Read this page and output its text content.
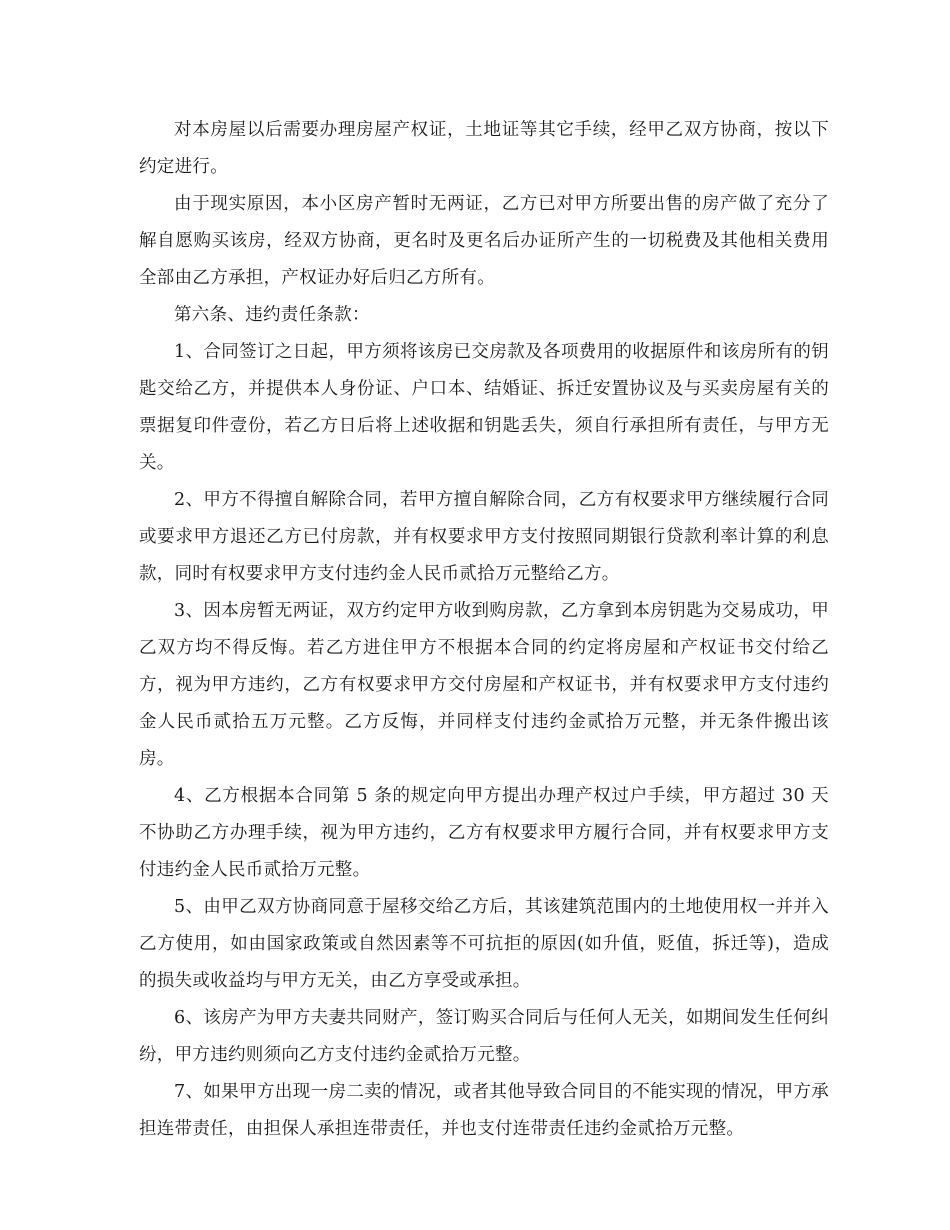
对本房屋以后需要办理房屋产权证，土地证等其它手续，经甲乙双方协商，按以下约定进行。

由于现实原因，本小区房产暂时无两证，乙方已对甲方所要出售的房产做了充分了解自愿购买该房，经双方协商，更名时及更名后办证所产生的一切税费及其他相关费用全部由乙方承担，产权证办好后归乙方所有。

第六条、违约责任条款：

1、合同签订之日起，甲方须将该房已交房款及各项费用的收据原件和该房所有的钥匙交给乙方，并提供本人身份证、户口本、结婚证、拆迁安置协议及与买卖房屋有关的票据复印件壹份，若乙方日后将上述收据和钥匙丢失，须自行承担所有责任，与甲方无关。

2、甲方不得擅自解除合同，若甲方擅自解除合同，乙方有权要求甲方继续履行合同或要求甲方退还乙方已付房款，并有权要求甲方支付按照同期银行贷款利率计算的利息款，同时有权要求甲方支付违约金人民币贰拾万元整给乙方。

3、因本房暂无两证，双方约定甲方收到购房款，乙方拿到本房钥匙为交易成功，甲乙双方均不得反悔。若乙方进住甲方不根据本合同的约定将房屋和产权证书交付给乙方，视为甲方违约，乙方有权要求甲方交付房屋和产权证书，并有权要求甲方支付违约金人民币贰拾五万元整。乙方反悔，并同样支付违约金贰拾万元整，并无条件搬出该房。

4、乙方根据本合同第 5 条的规定向甲方提出办理产权过户手续，甲方超过 30 天不协助乙方办理手续，视为甲方违约，乙方有权要求甲方履行合同，并有权要求甲方支付违约金人民币贰拾万元整。

5、由甲乙双方协商同意于屋移交给乙方后，其该建筑范围内的土地使用权一并并入乙方使用，如由国家政策或自然因素等不可抗拒的原因(如升值，贬值，拆迁等)，造成的损失或收益均与甲方无关，由乙方享受或承担。

6、该房产为甲方夫妻共同财产，签订购买合同后与任何人无关，如期间发生任何纠纷，甲方违约则须向乙方支付违约金贰拾万元整。

7、如果甲方出现一房二卖的情况，或者其他导致合同目的不能实现的情况，甲方承担连带责任，由担保人承担连带责任，并也支付连带责任违约金贰拾万元整。
